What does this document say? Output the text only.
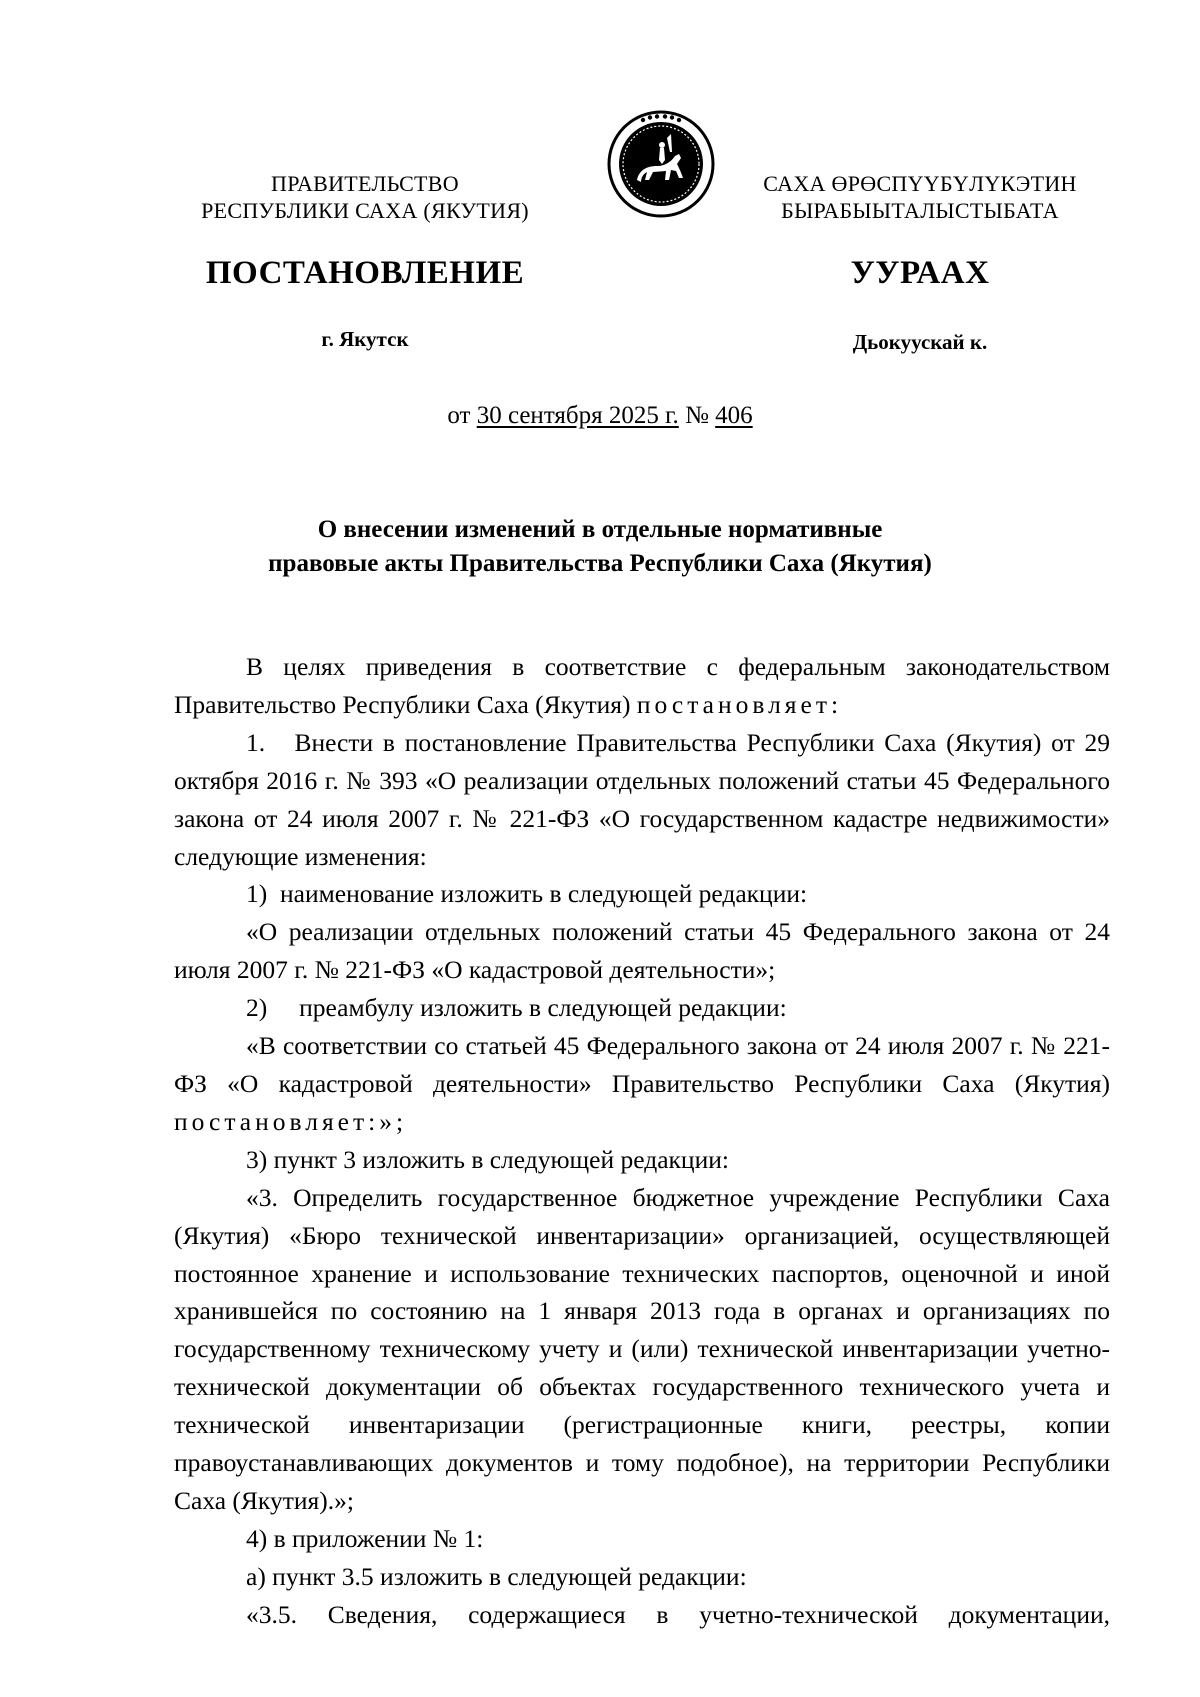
ПРАВИТЕЛЬСТВО
РЕСПУБЛИКИ САХА (ЯКУТИЯ)
САХА ӨРӨСПҮҮБҮЛҮКЭТИН
БЫРАБЫЫТАЛЫСТЫБАТА
ПОСТАНОВЛЕНИЕ	УУРААХ
г. Якутск	Дьокуускай к.
от 30 сентября 2025 г. № 406
О внесении изменений в отдельные нормативные
правовые акты Правительства Республики Саха (Якутия)

В целях приведения в соответствие с федеральным законодательством Правительство Республики Саха (Якутия) постановляет:

1. Внести в постановление Правительства Республики Саха (Якутия) от 29 октября 2016 г. № 393 «О реализации отдельных положений статьи 45 Федерального закона от 24 июля 2007 г. № 221-ФЗ «О государственном кадастре недвижимости» следующие изменения:

1) наименование изложить в следующей редакции:

«О реализации отдельных положений статьи 45 Федерального закона от 24 июля 2007 г. № 221-ФЗ «О кадастровой деятельности»;

2) преамбулу изложить в следующей редакции:

«В соответствии со статьей 45 Федерального закона от 24 июля 2007 г. № 221-ФЗ «О кадастровой деятельности» Правительство Республики Саха (Якутия) постановляет:»;

3) пункт 3 изложить в следующей редакции:

«3. Определить государственное бюджетное учреждение Республики Саха (Якутия) «Бюро технической инвентаризации» организацией, осуществляющей постоянное хранение и использование технических паспортов, оценочной и иной хранившейся по состоянию на 1 января 2013 года в органах и организациях по государственному техническому учету и (или) технической инвентаризации учетно-технической документации об объектах государственного технического учета и технической инвентаризации (регистрационные книги, реестры, копии правоустанавливающих документов и тому подобное), на территории Республики Саха (Якутия).»;

4) в приложении № 1:

а) пункт 3.5 изложить в следующей редакции:

«3.5. Сведения, содержащиеся в учетно-технической документации,
